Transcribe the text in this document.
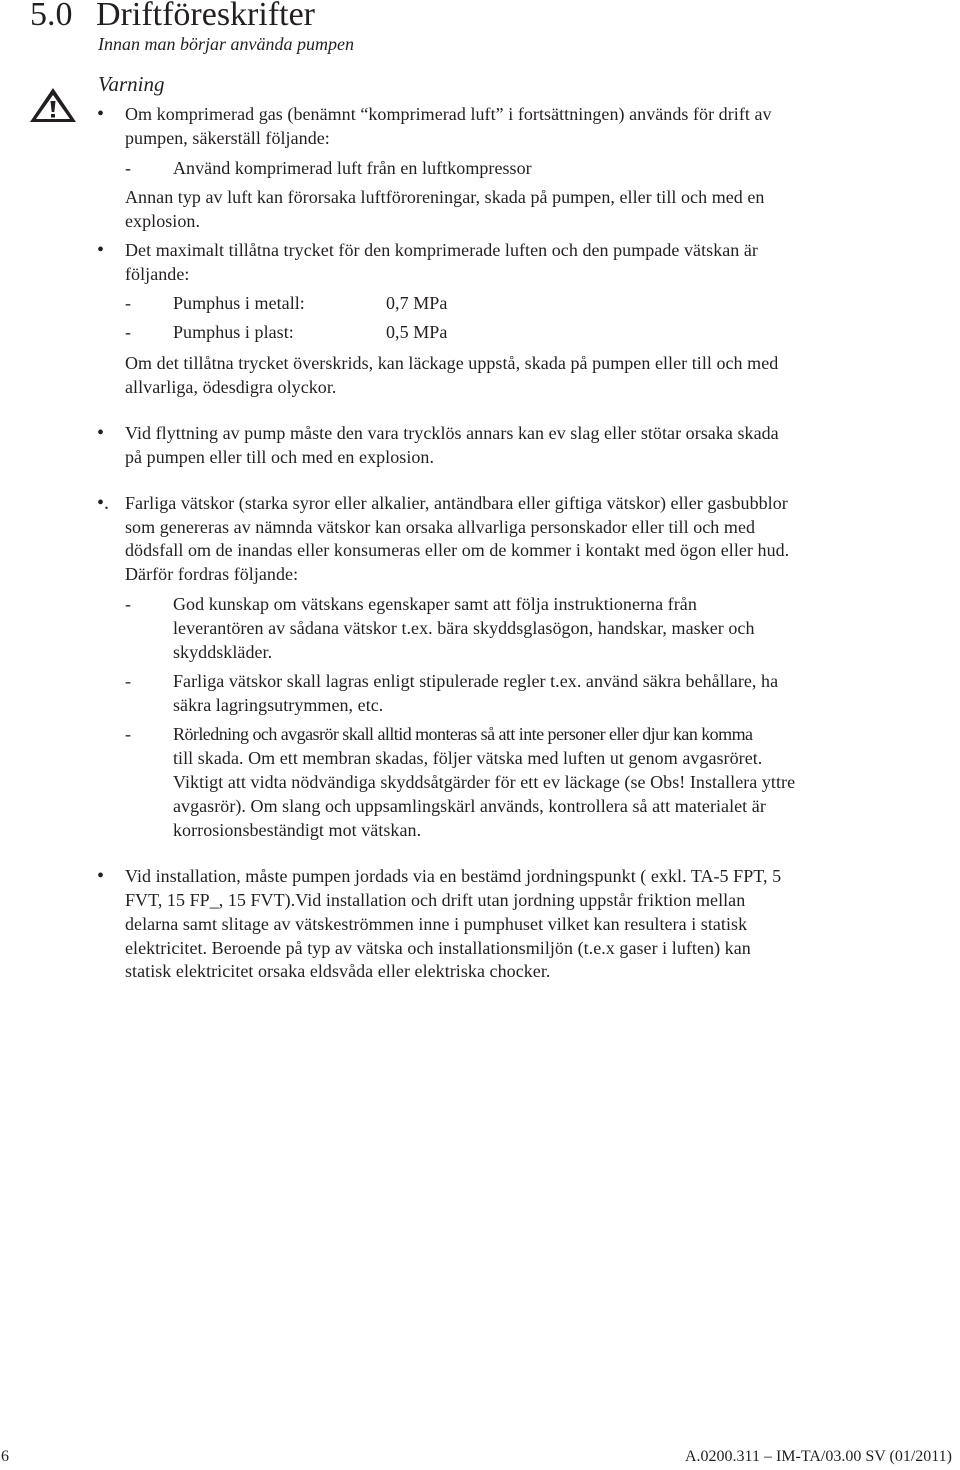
5.0 Driftföreskrifter
Innan man börjar använda pumpen
Varning
• Om komprimerad gas (benämnt “komprimerad luft” i fortsättningen) används för drift av
pumpen, säkerställ följande:
- Använd komprimerad luft från en luftkompressor
Annan typ av luft kan förorsaka luftföroreningar, skada på pumpen, eller till och med en
explosion.
• Det maximalt tillåtna trycket för den komprimerade luften och den pumpade vätskan är
följande:
- Pumphus i metall:	0,7 MPa
- Pumphus i plast:	0,5 MPa
Om det tillåtna trycket överskrids, kan läckage uppstå, skada på pumpen eller till och med
allvarliga, ödesdigra olyckor.
• Vid flyttning av pump måste den vara trycklös annars kan ev slag eller stötar orsaka skada
på pumpen eller till och med en explosion.
•. Farliga vätskor (starka syror eller alkalier, antändbara eller giftiga vätskor) eller gasbubblor
som genereras av nämnda vätskor kan orsaka allvarliga personskador eller till och med
dödsfall om de inandas eller konsumeras eller om de kommer i kontakt med ögon eller hud.
Därför fordras följande:
- God kunskap om vätskans egenskaper samt att följa instruktionerna från
leverantören av sådana vätskor t.ex. bära skyddsglasögon, handskar, masker och
skyddskläder.
- Farliga vätskor skall lagras enligt stipulerade regler t.ex. använd säkra behållare, ha
säkra lagringsutrymmen, etc.
- Rörledning och avgasrör skall alltid monteras så att inte personer eller djur kan komma
till skada. Om ett membran skadas, följer vätska med luften ut genom avgasröret.
Viktigt att vidta nödvändiga skyddsåtgärder för ett ev läckage (se Obs! Installera yttre
avgasrör). Om slang och uppsamlingskärl används, kontrollera så att materialet är
korrosionsbeständigt mot vätskan.
• Vid installation, måste pumpen jordads via en bestämd jordningspunkt ( exkl. TA-5 FPT, 5
FVT, 15 FP_, 15 FVT).Vid installation och drift utan jordning uppstår friktion mellan
delarna samt slitage av vätskeströmmen inne i pumphuset vilket kan resultera i statisk
elektricitet. Beroende på typ av vätska och installationsmiljön (t.e.x gaser i luften) kan
statisk elektricitet orsaka eldsvåda eller elektriska chocker.
6	A.0200.311 – IM-TA/03.00 SV (01/2011)
